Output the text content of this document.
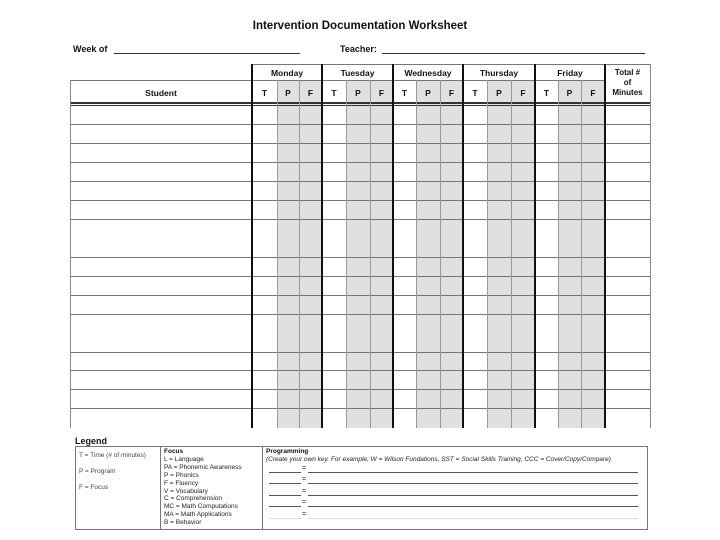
Intervention Documentation Worksheet
Week of	Teacher:
Monday	Tuesday	Wednesday	Thursday	Friday	Total #
of
Minutes
Student	T	P	F	T	P	F	T	P	F	T	P	F	T	P	F
Legend
T = Time (# of minutes)
P = Program
F = Focus
Focus
L = Language
PA = Phonemic Awareness
P = Phonics
F = Fluency
V = Vocabulary
C = Comprehension
MC = Math Computations
MA = Math Applications
B = Behavior
Programming
(Create your own key. For example, W = Wilson Fundations, SST = Social Skills Training, CCC = Cover/Copy/Compare)
=
=
=
=
=
